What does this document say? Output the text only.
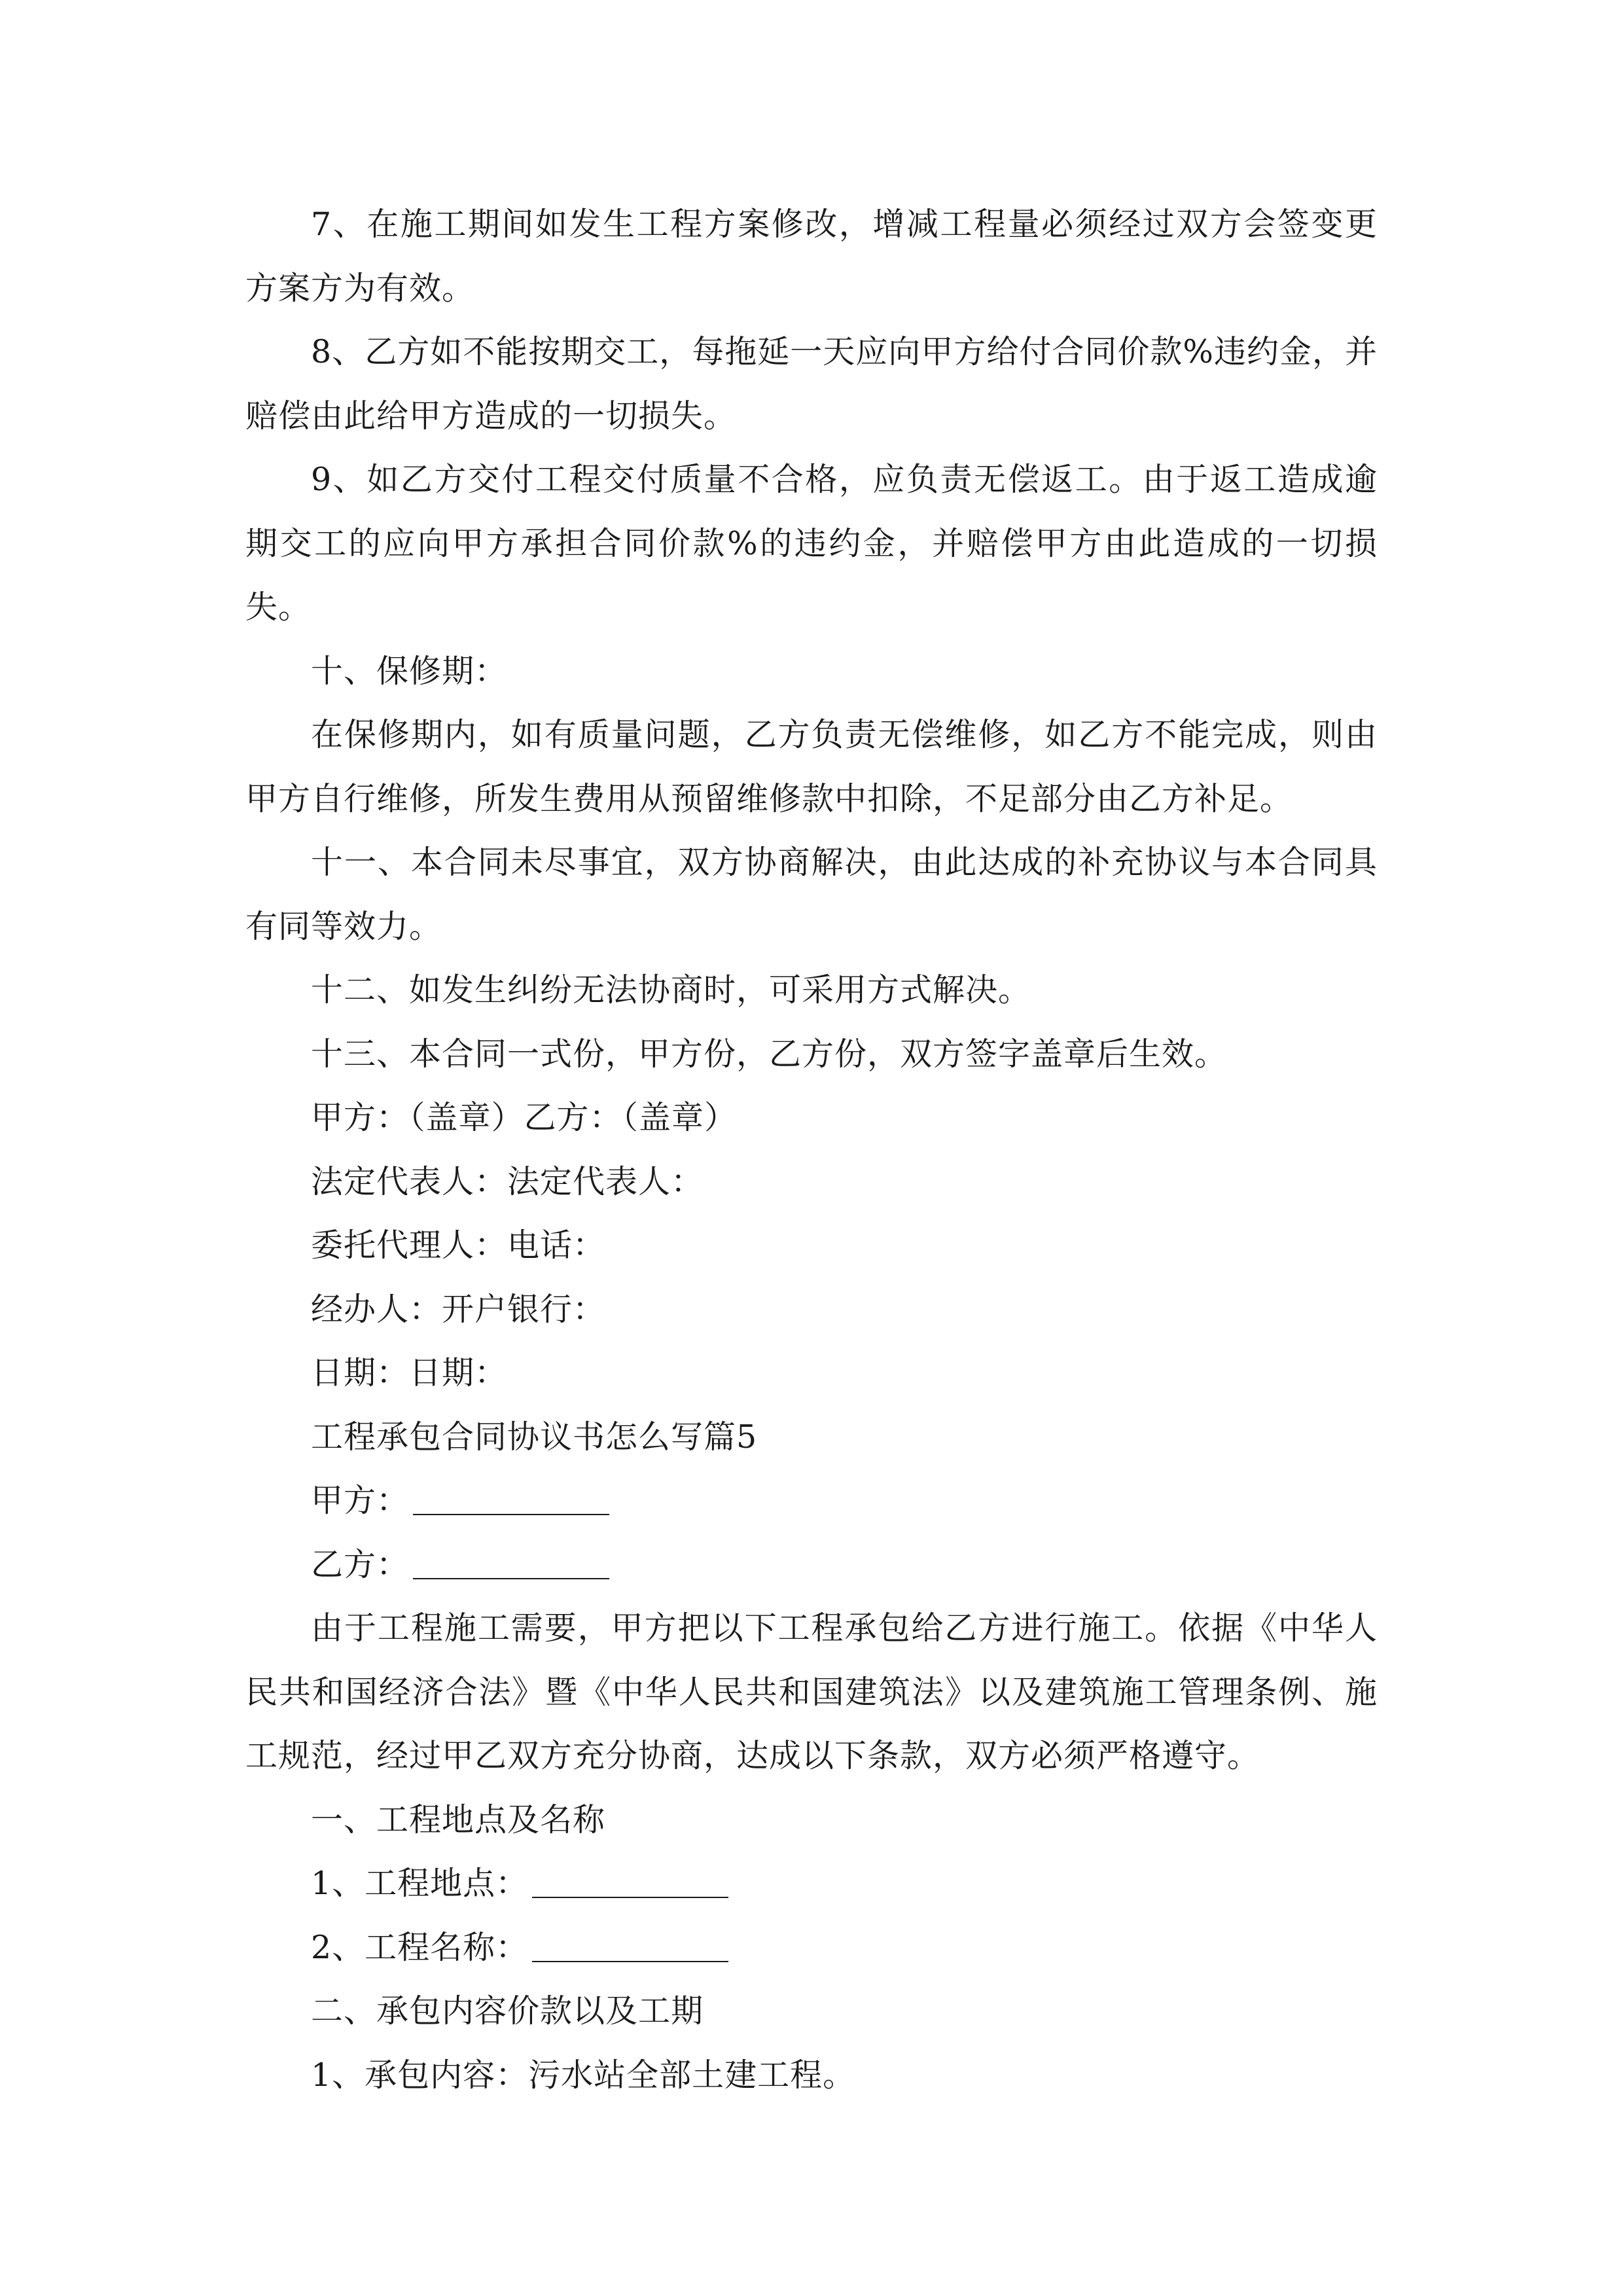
7、在施工期间如发生工程方案修改，增减工程量必须经过双方会签变更方案方为有效。

8、乙方如不能按期交工，每拖延一天应向甲方给付合同价款%违约金，并赔偿由此给甲方造成的一切损失。

9、如乙方交付工程交付质量不合格，应负责无偿返工。由于返工造成逾期交工的应向甲方承担合同价款%的违约金，并赔偿甲方由此造成的一切损失。

十、保修期：

在保修期内，如有质量问题，乙方负责无偿维修，如乙方不能完成，则由甲方自行维修，所发生费用从预留维修款中扣除，不足部分由乙方补足。

十一、本合同未尽事宜，双方协商解决，由此达成的补充协议与本合同具有同等效力。

十二、如发生纠纷无法协商时，可采用方式解决。

十三、本合同一式份，甲方份，乙方份，双方签字盖章后生效。

甲方：（盖章）乙方：（盖章）

法定代表人：法定代表人：

委托代理人：电话：

经办人：开户银行：

日期：日期：

工程承包合同协议书怎么写篇5

甲方：

乙方：

由于工程施工需要，甲方把以下工程承包给乙方进行施工。依据《中华人民共和国经济合法》暨《中华人民共和国建筑法》以及建筑施工管理条例、施工规范，经过甲乙双方充分协商，达成以下条款，双方必须严格遵守。

一、工程地点及名称

1、工程地点：

2、工程名称：

二、承包内容价款以及工期

1、承包内容：污水站全部土建工程。
